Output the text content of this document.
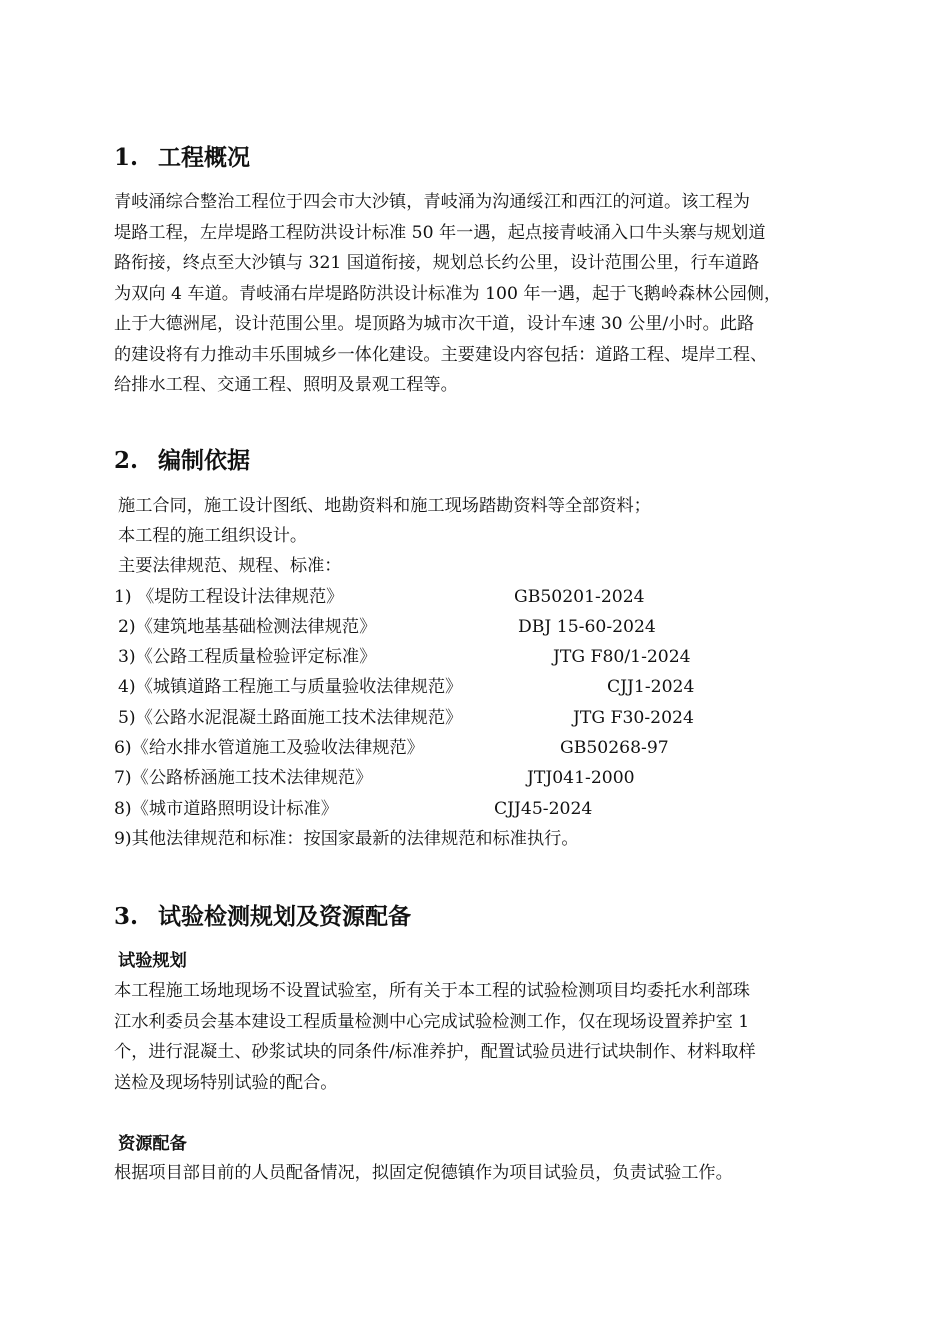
1. 工程概况

青岐涌综合整治工程位于四会市大沙镇，青岐涌为沟通绥江和西江的河道。该工程为
堤路工程，左岸堤路工程防洪设计标准 50 年一遇，起点接青岐涌入口牛头寨与规划道
路衔接，终点至大沙镇与 321 国道衔接，规划总长约公里，设计范围公里，行车道路
为双向 4 车道。青岐涌右岸堤路防洪设计标准为 100 年一遇，起于飞鹅岭森林公园侧，
止于大德洲尾，设计范围公里。堤顶路为城市次干道，设计车速 30 公里/小时。此路
的建设将有力推动丰乐围城乡一体化建设。主要建设内容包括：道路工程、堤岸工程、
给排水工程、交通工程、照明及景观工程等。

2. 编制依据
施工合同，施工设计图纸、地勘资料和施工现场踏勘资料等全部资料；
本工程的施工组织设计。
主要法律规范、规程、标准：
1) 《堤防工程设计法律规范》	GB50201-2024
2)《建筑地基基础检测法律规范》	DBJ 15-60-2024
3)《公路工程质量检验评定标准》	JTG F80/1-2024
4)《城镇道路工程施工与质量验收法律规范》	CJJ1-2024
5)《公路水泥混凝土路面施工技术法律规范》	JTG F30-2024
6)《给水排水管道施工及验收法律规范》	GB50268-97
7)《公路桥涵施工技术法律规范》	JTJ041-2000
8)《城市道路照明设计标准》	CJJ45-2024
9)其他法律规范和标准：按国家最新的法律规范和标准执行。
3. 试验检测规划及资源配备
试验规划

本工程施工场地现场不设置试验室，所有关于本工程的试验检测项目均委托水利部珠
江水利委员会基本建设工程质量检测中心完成试验检测工作，仅在现场设置养护室 1
个，进行混凝土、砂浆试块的同条件/标准养护，配置试验员进行试块制作、材料取样
送检及现场特别试验的配合。

资源配备

根据项目部目前的人员配备情况，拟固定倪德镇作为项目试验员，负责试验工作。
